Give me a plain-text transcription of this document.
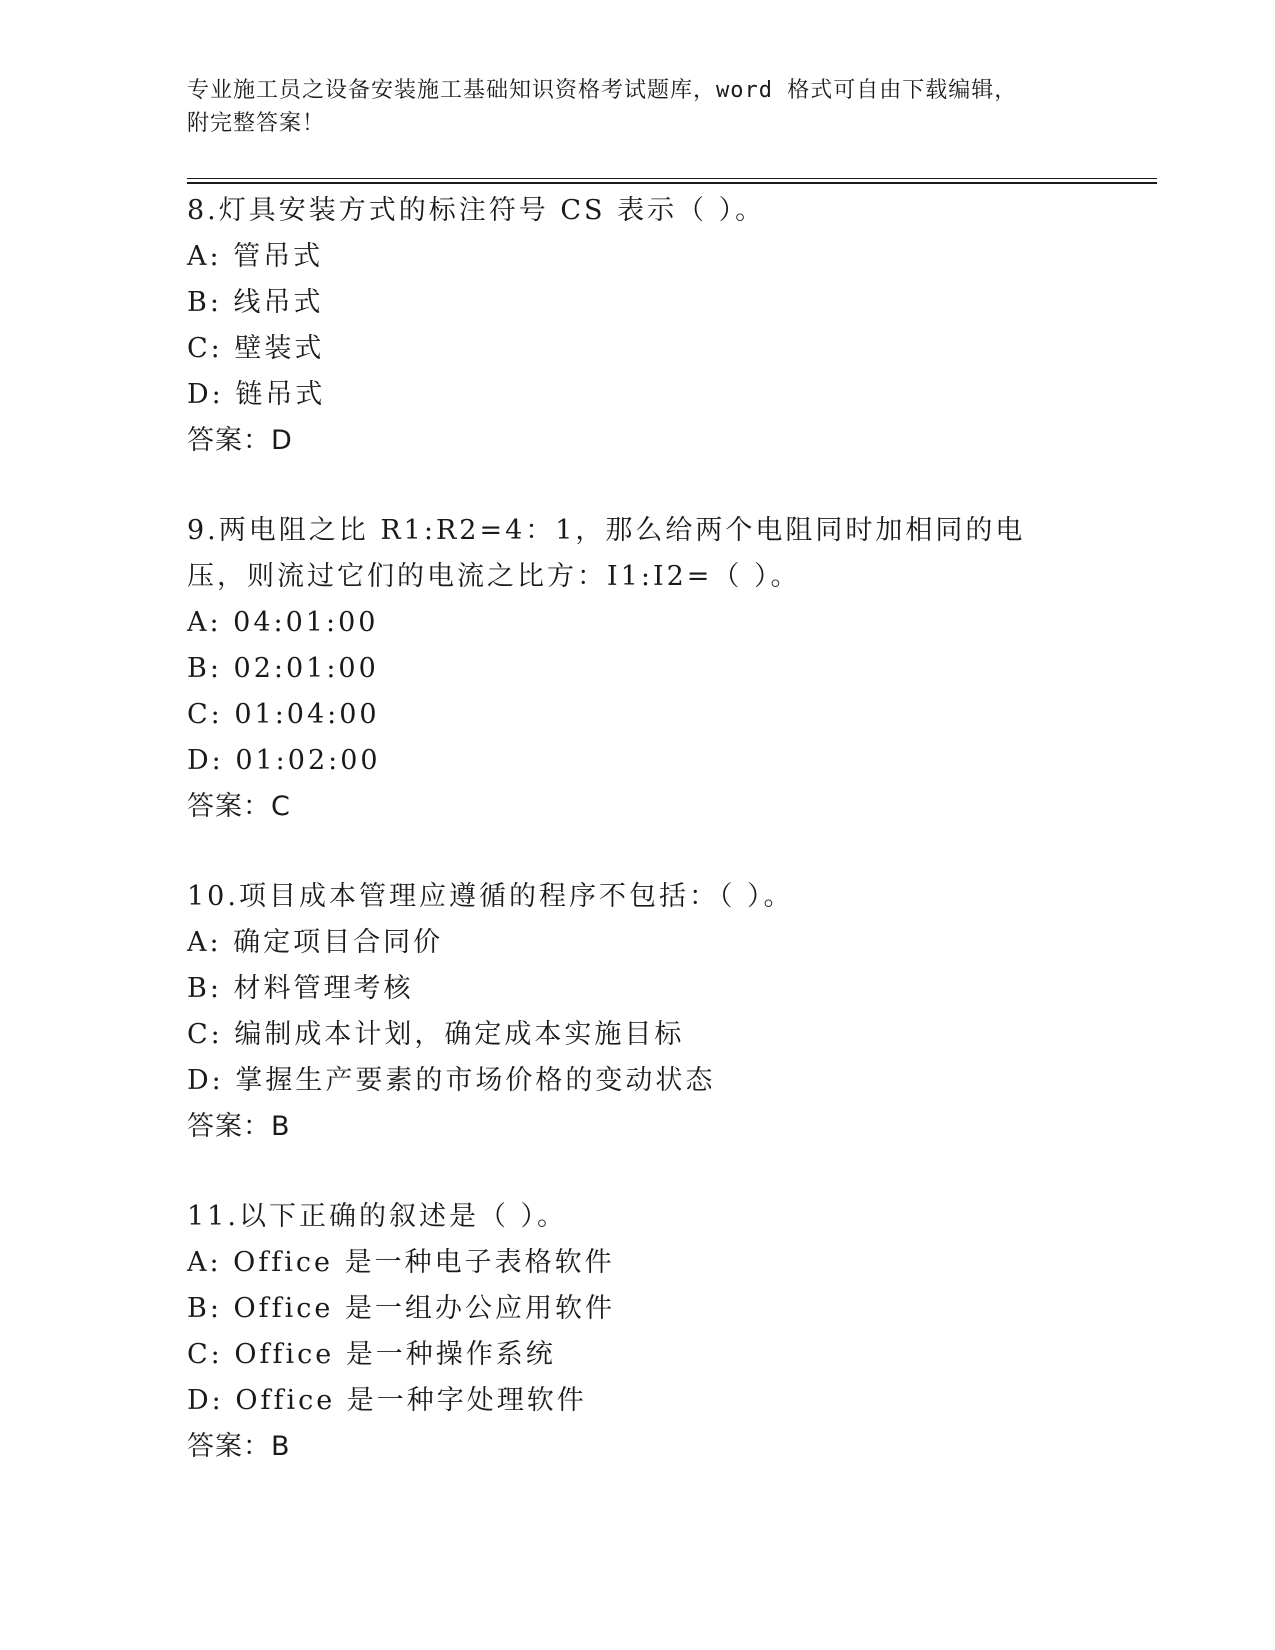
专业施工员之设备安装施工基础知识资格考试题库，word 格式可自由下载编辑，
附完整答案！

8.灯具安装方式的标注符号 CS 表示（ ）。

A: 管吊式

B: 线吊式

C: 壁装式

D: 链吊式

答案：D

9.两电阻之比 R1:R2=4：1，那么给两个电阻同时加相同的电压，则流过它们的电流之比方：I1:I2=（ ）。

A: 04:01:00

B: 02:01:00

C: 01:04:00

D: 01:02:00

答案：C

10.项目成本管理应遵循的程序不包括：（ ）。

A: 确定项目合同价

B: 材料管理考核

C: 编制成本计划，确定成本实施目标

D: 掌握生产要素的市场价格的变动状态

答案：B

11.以下正确的叙述是（ ）。

A: Office 是一种电子表格软件

B: Office 是一组办公应用软件

C: Office 是一种操作系统

D: Office 是一种字处理软件

答案：B
